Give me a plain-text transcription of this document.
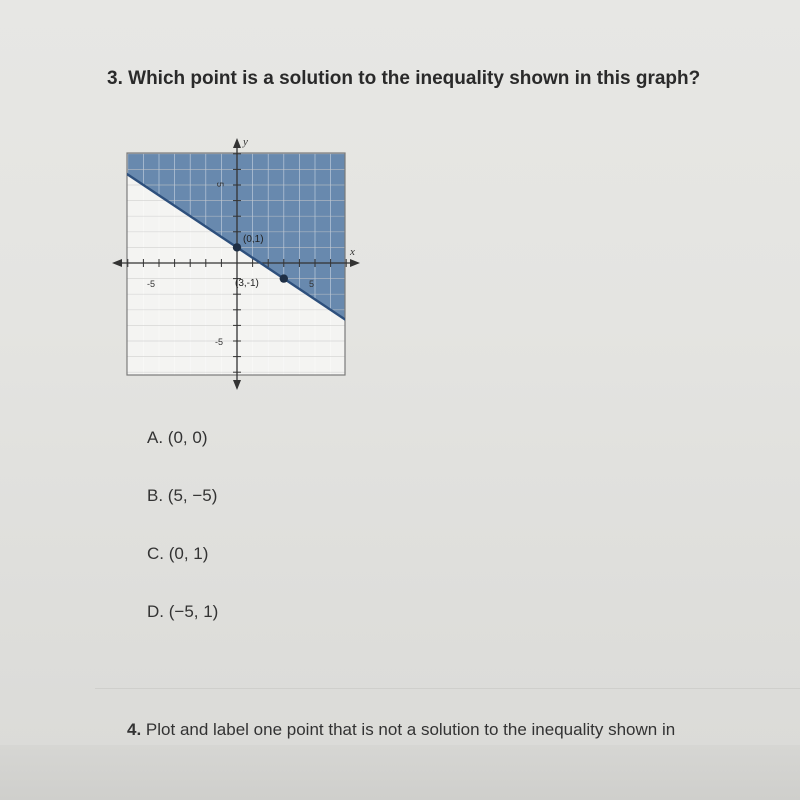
3. Which point is a solution to the inequality shown in this graph?
y
x
-5	5
-5
5
(0,1)
(3,-1)
A. (0, 0)
B. (5, −5)
C. (0, 1)
D. (−5, 1)
4. Plot and label one point that is not a solution to the inequality shown in
